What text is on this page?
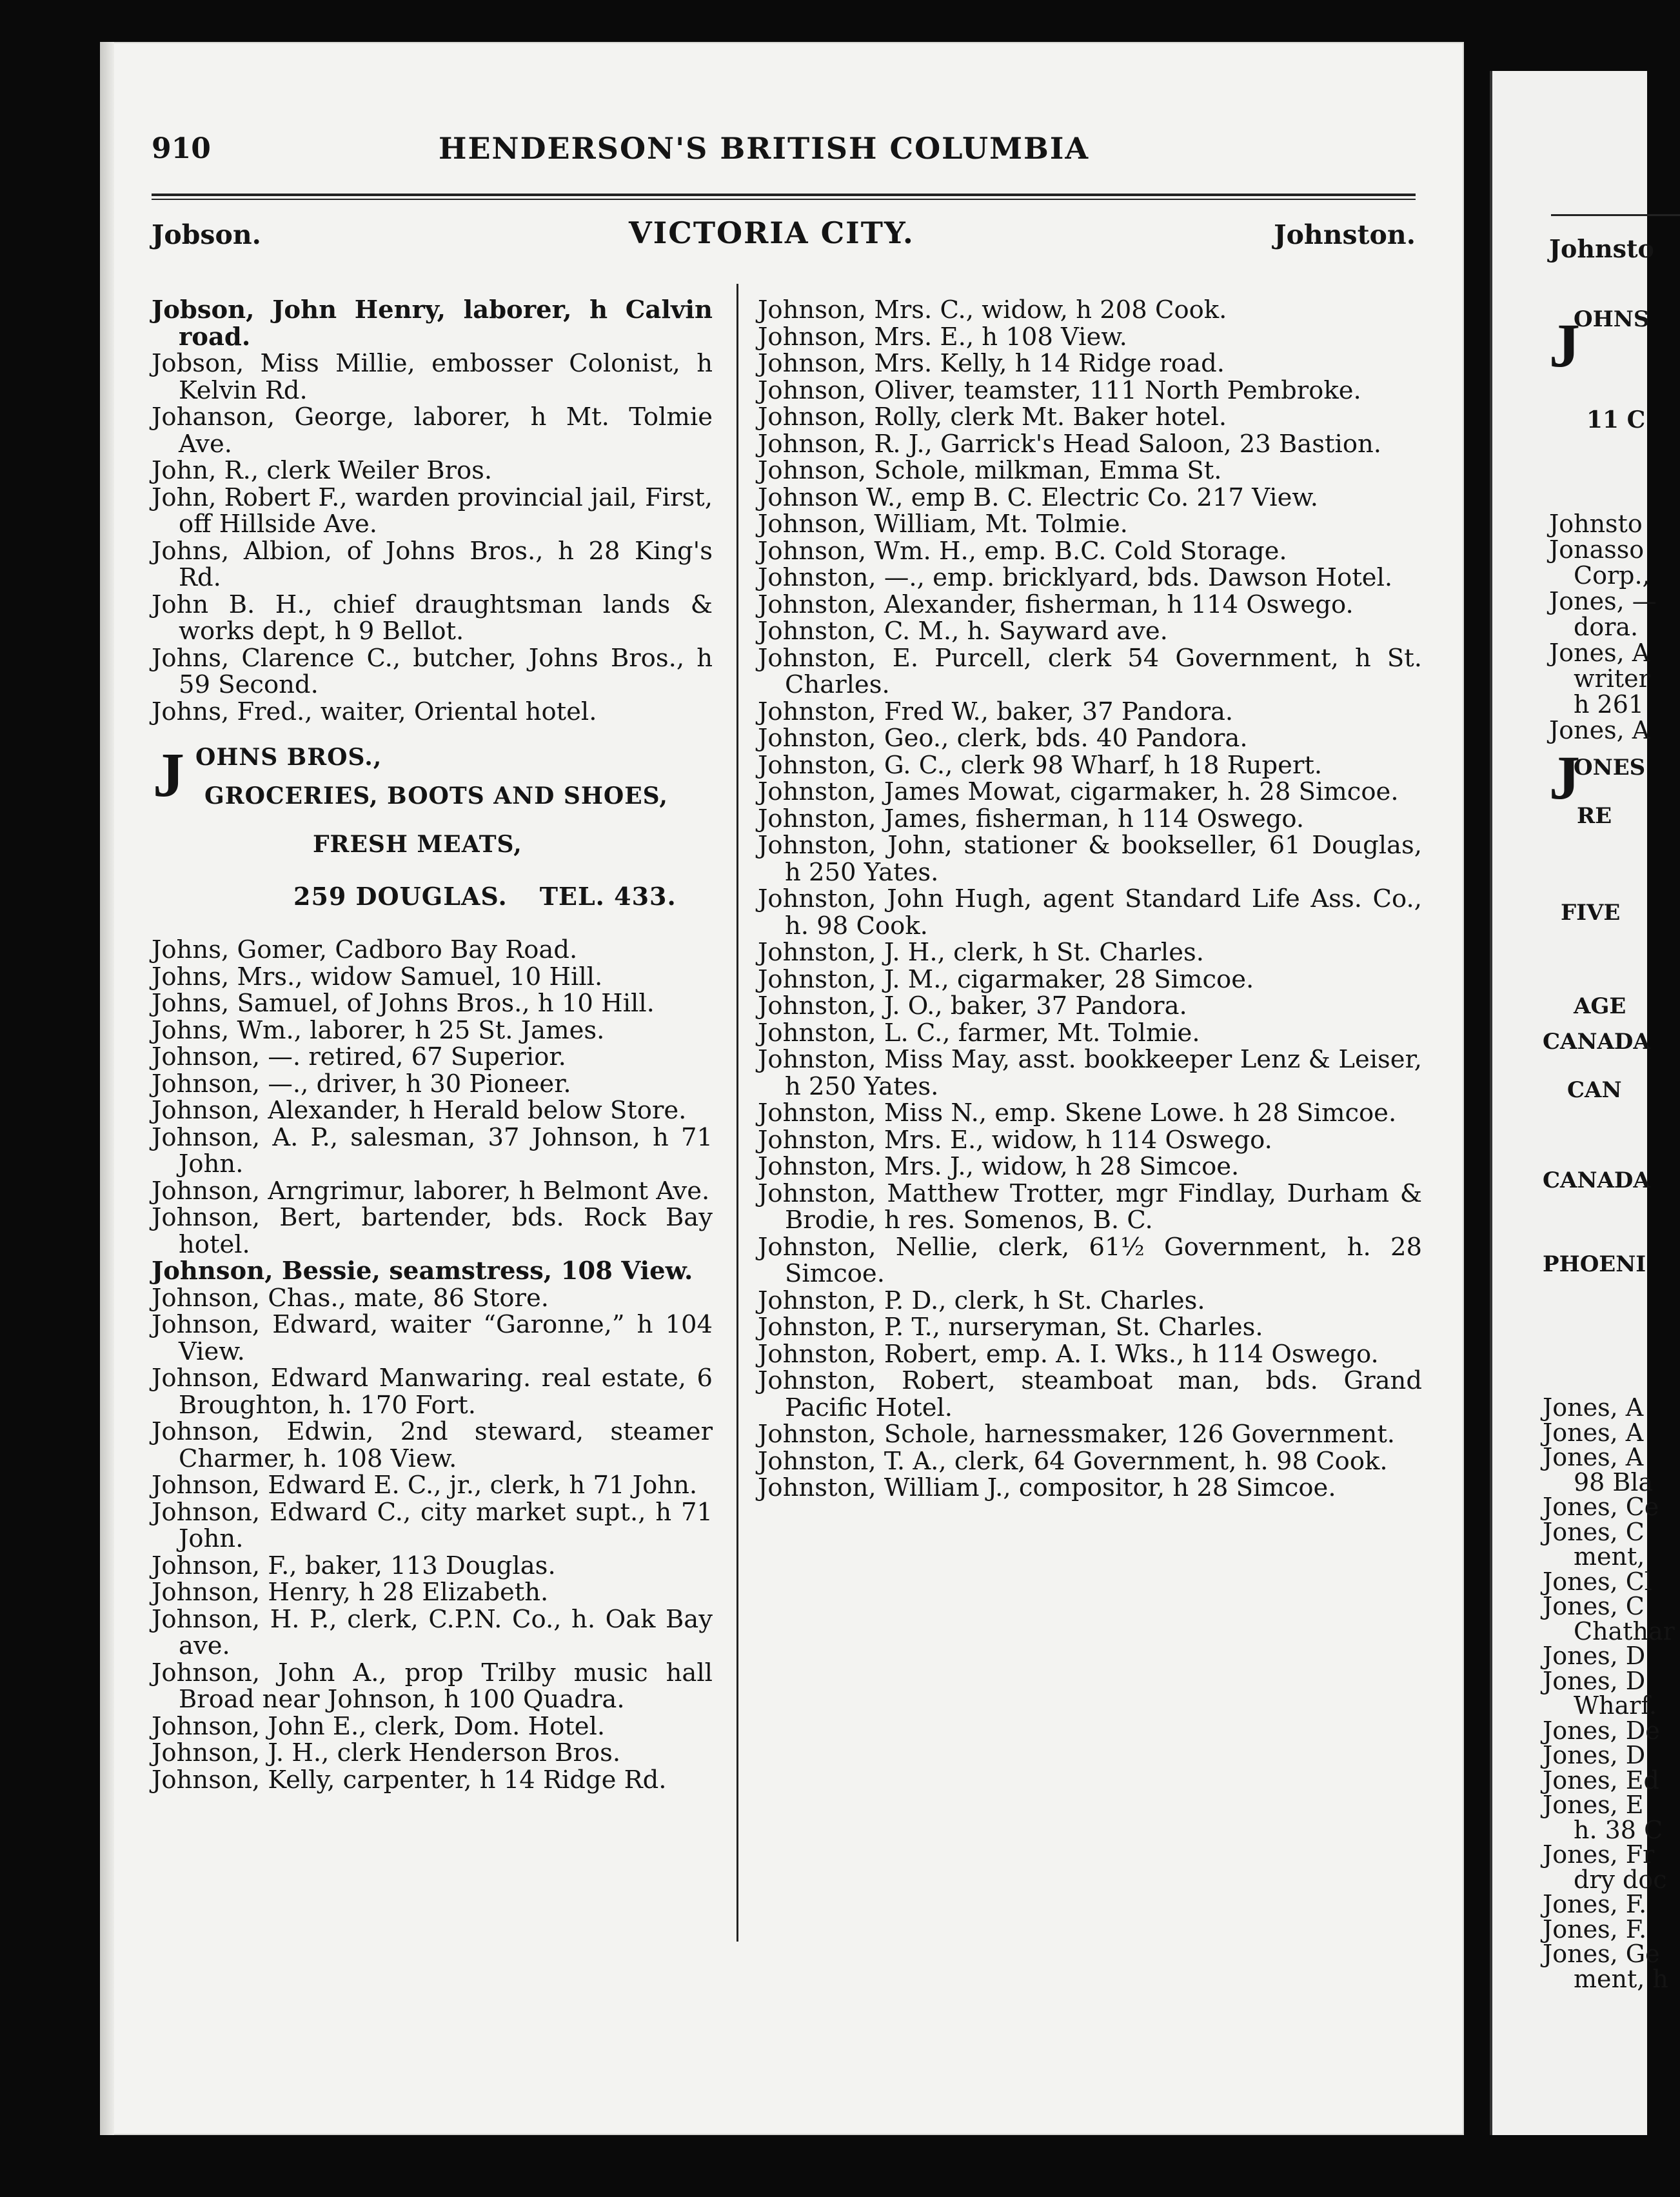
910	HENDERSON'S BRITISH COLUMBIA
Jobson.	VICTORIA CITY.	Johnston.

Jobson, John Henry, laborer, h Calvin road.

Jobson, Miss Millie, embosser Colonist, h Kelvin Rd.

Johanson, George, laborer, h Mt. Tolmie Ave.

John, R., clerk Weiler Bros.

John, Robert F., warden provincial jail, First, off Hillside Ave.

Johns, Albion, of Johns Bros., h 28 King's Rd.

John B. H., chief draughtsman lands & works dept, h 9 Bellot.

Johns, Clarence C., butcher, Johns Bros., h 59 Second.

Johns, Fred., waiter, Oriental hotel.

J OHNS BROS.,
GROCERIES, BOOTS AND SHOES,
FRESH MEATS,
259 DOUGLAS. TEL. 433.

Johns, Gomer, Cadboro Bay Road.

Johns, Mrs., widow Samuel, 10 Hill.

Johns, Samuel, of Johns Bros., h 10 Hill.

Johns, Wm., laborer, h 25 St. James.

Johnson, —. retired, 67 Superior.

Johnson, —., driver, h 30 Pioneer.

Johnson, Alexander, h Herald below Store.

Johnson, A. P., salesman, 37 Johnson, h 71 John.

Johnson, Arngrimur, laborer, h Belmont Ave.

Johnson, Bert, bartender, bds. Rock Bay hotel.

Johnson, Bessie, seamstress, 108 View.

Johnson, Chas., mate, 86 Store.

Johnson, Edward, waiter “Garonne,” h 104 View.

Johnson, Edward Manwaring. real estate, 6 Broughton, h. 170 Fort.

Johnson, Edwin, 2nd steward, steamer Charmer, h. 108 View.

Johnson, Edward E. C., jr., clerk, h 71 John.

Johnson, Edward C., city market supt., h 71 John.

Johnson, F., baker, 113 Douglas.

Johnson, Henry, h 28 Elizabeth.

Johnson, H. P., clerk, C.P.N. Co., h. Oak Bay ave.

Johnson, John A., prop Trilby music hall Broad near Johnson, h 100 Quadra.

Johnson, John E., clerk, Dom. Hotel.

Johnson, J. H., clerk Henderson Bros.

Johnson, Kelly, carpenter, h 14 Ridge Rd.

Johnson, Mrs. C., widow, h 208 Cook.

Johnson, Mrs. E., h 108 View.

Johnson, Mrs. Kelly, h 14 Ridge road.

Johnson, Oliver, teamster, 111 North Pembroke.

Johnson, Rolly, clerk Mt. Baker hotel.

Johnson, R. J., Garrick's Head Saloon, 23 Bastion.

Johnson, Schole, milkman, Emma St.

Johnson W., emp B. C. Electric Co. 217 View.

Johnson, William, Mt. Tolmie.

Johnson, Wm. H., emp. B.C. Cold Storage.

Johnston, —., emp. bricklyard, bds. Dawson Hotel.

Johnston, Alexander, fisherman, h 114 Oswego.

Johnston, C. M., h. Sayward ave.

Johnston, E. Purcell, clerk 54 Government, h St. Charles.

Johnston, Fred W., baker, 37 Pandora.

Johnston, Geo., clerk, bds. 40 Pandora.

Johnston, G. C., clerk 98 Wharf, h 18 Rupert.

Johnston, James Mowat, cigarmaker, h. 28 Simcoe.

Johnston, James, fisherman, h 114 Oswego.

Johnston, John, stationer & bookseller, 61 Douglas, h 250 Yates.

Johnston, John Hugh, agent Standard Life Ass. Co., h. 98 Cook.

Johnston, J. H., clerk, h St. Charles.

Johnston, J. M., cigarmaker, 28 Simcoe.

Johnston, J. O., baker, 37 Pandora.

Johnston, L. C., farmer, Mt. Tolmie.

Johnston, Miss May, asst. bookkeeper Lenz & Leiser, h 250 Yates.

Johnston, Miss N., emp. Skene Lowe. h 28 Simcoe.

Johnston, Mrs. E., widow, h 114 Oswego.

Johnston, Mrs. J., widow, h 28 Simcoe.

Johnston, Matthew Trotter, mgr Findlay, Durham & Brodie, h res. Somenos, B. C.

Johnston, Nellie, clerk, 61½ Government, h. 28 Simcoe.

Johnston, P. D., clerk, h St. Charles.

Johnston, P. T., nurseryman, St. Charles.

Johnston, Robert, emp. A. I. Wks., h 114 Oswego.

Johnston, Robert, steamboat man, bds. Grand Pacific Hotel.

Johnston, Schole, harnessmaker, 126 Government.

Johnston, T. A., clerk, 64 Government, h. 98 Cook.

Johnston, William J., compositor, h 28 Simcoe.

Johnsto
J
OHNS
11 C
Johnsto
Jonasso
Corp.,
Jones, —
dora.
Jones, A
writer
h 261
Jones, A
J
ONES
RE
FIVE
AGE
CANADA
CAN
CANADA
PHOENI
Jones, A
Jones, A
Jones, A
98 Bla
Jones, Ce
Jones, C
ment,
Jones, Cl
Jones, C
Chathar
Jones, D
Jones, D
Wharf.
Jones, De
Jones, D
Jones, Ed
Jones, E
h. 38 C
Jones, Fr
dry doc
Jones, F.
Jones, F.
Jones, Ge
ment, h
